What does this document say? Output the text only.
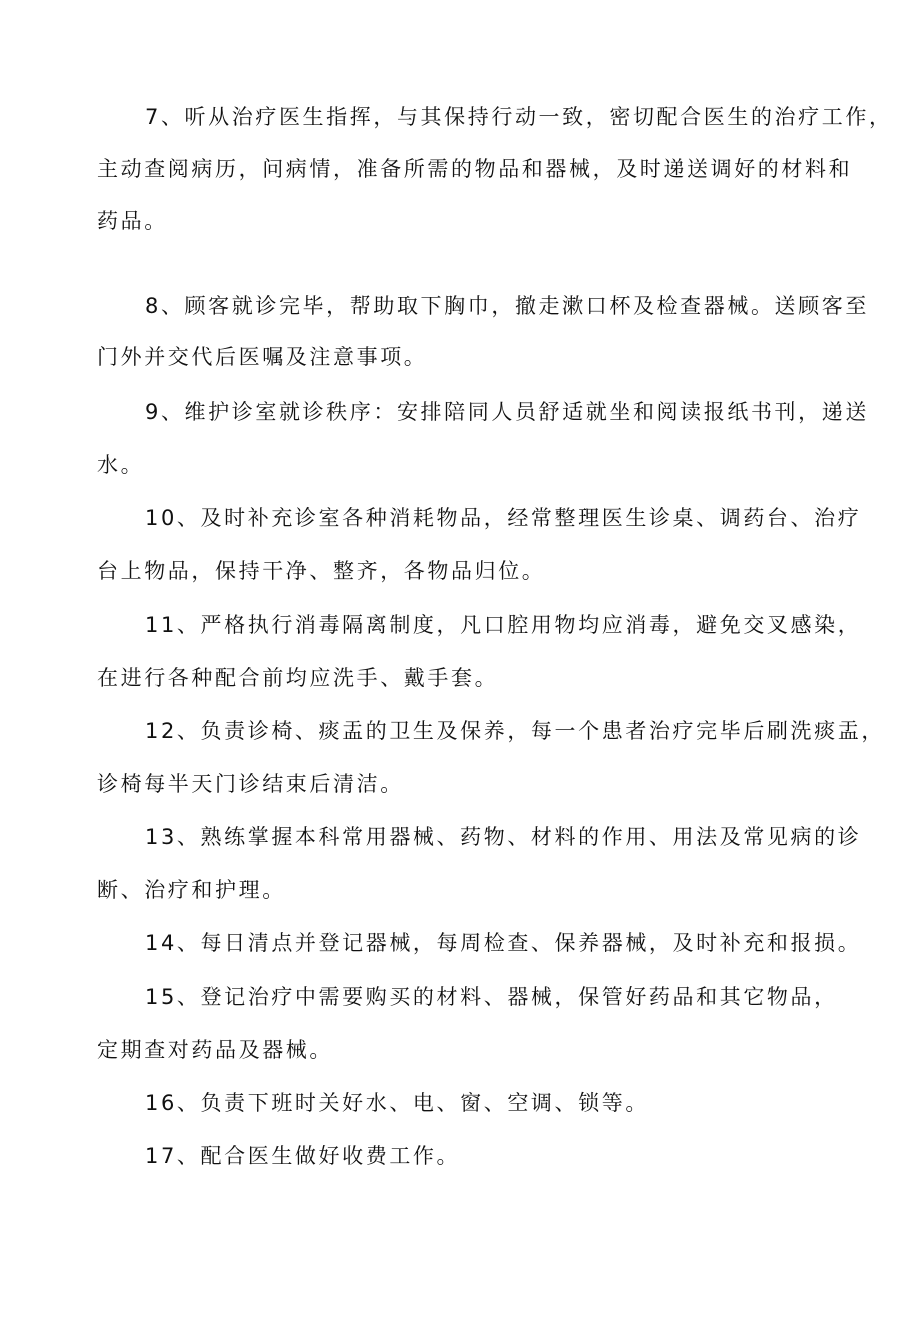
7、听从治疗医生指挥，与其保持行动一致，密切配合医生的治疗工作，
主动查阅病历，问病情，准备所需的物品和器械，及时递送调好的材料和
药品。
8、顾客就诊完毕，帮助取下胸巾，撤走漱口杯及检查器械。送顾客至
门外并交代后医嘱及注意事项。
9、维护诊室就诊秩序：安排陪同人员舒适就坐和阅读报纸书刊，递送
水。
10、及时补充诊室各种消耗物品，经常整理医生诊桌、调药台、治疗
台上物品，保持干净、整齐，各物品归位。
11、严格执行消毒隔离制度，凡口腔用物均应消毒，避免交叉感染，
在进行各种配合前均应洗手、戴手套。
12、负责诊椅、痰盂的卫生及保养，每一个患者治疗完毕后刷洗痰盂，
诊椅每半天门诊结束后清洁。
13、熟练掌握本科常用器械、药物、材料的作用、用法及常见病的诊
断、治疗和护理。
14、每日清点并登记器械，每周检查、保养器械，及时补充和报损。
15、登记治疗中需要购买的材料、器械，保管好药品和其它物品，
定期查对药品及器械。
16、负责下班时关好水、电、窗、空调、锁等。
17、配合医生做好收费工作。
